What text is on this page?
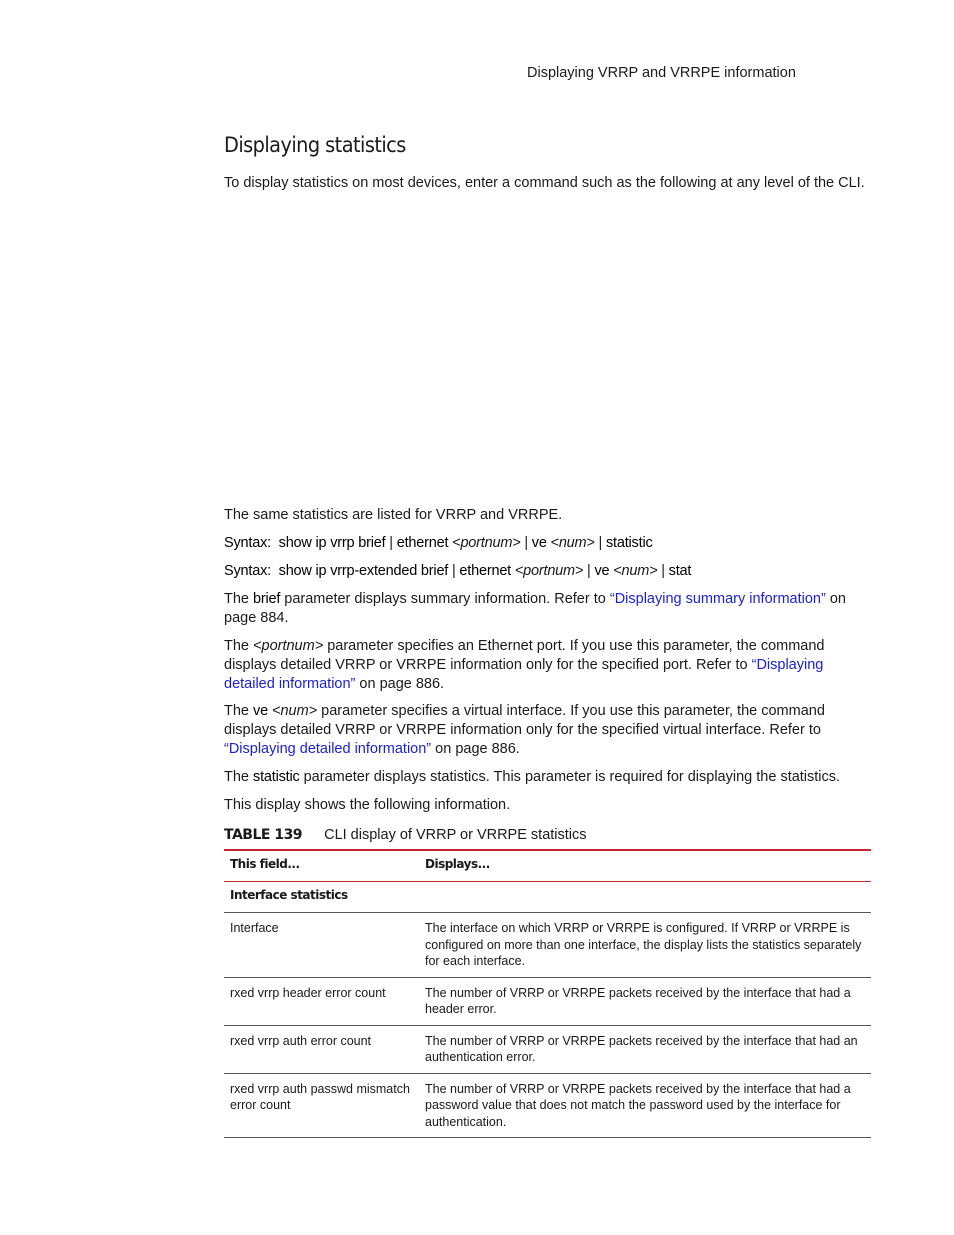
Displaying VRRP and VRRPE information
Displaying statistics

To display statistics on most devices, enter a command such as the following at any level of the CLI.

The same statistics are listed for VRRP and VRRPE.

Syntax: show ip vrrp brief | ethernet <portnum> | ve <num> | statistic
Syntax: show ip vrrp-extended brief | ethernet <portnum> | ve <num> | stat

The brief parameter displays summary information. Refer to “Displaying summary information” on page 884.

The <portnum> parameter specifies an Ethernet port. If you use this parameter, the command displays detailed VRRP or VRRPE information only for the specified port. Refer to “Displaying detailed information” on page 886.

The ve <num> parameter specifies a virtual interface. If you use this parameter, the command displays detailed VRRP or VRRPE information only for the specified virtual interface. Refer to
“Displaying detailed information” on page 886.

The statistic parameter displays statistics. This parameter is required for displaying the statistics.

This display shows the following information.

TABLE 139 CLI display of VRRP or VRRPE statistics
This field...	Displays...
Interface statistics	
Interface	The interface on which VRRP or VRRPE is configured. If VRRP or VRRPE is configured on more than one interface, the display lists the statistics separately for each interface.
rxed vrrp header error count	The number of VRRP or VRRPE packets received by the interface that had a header error.
rxed vrrp auth error count	The number of VRRP or VRRPE packets received by the interface that had an authentication error.
rxed vrrp auth passwd mismatch error count	The number of VRRP or VRRPE packets received by the interface that had a password value that does not match the password used by the interface for authentication.
